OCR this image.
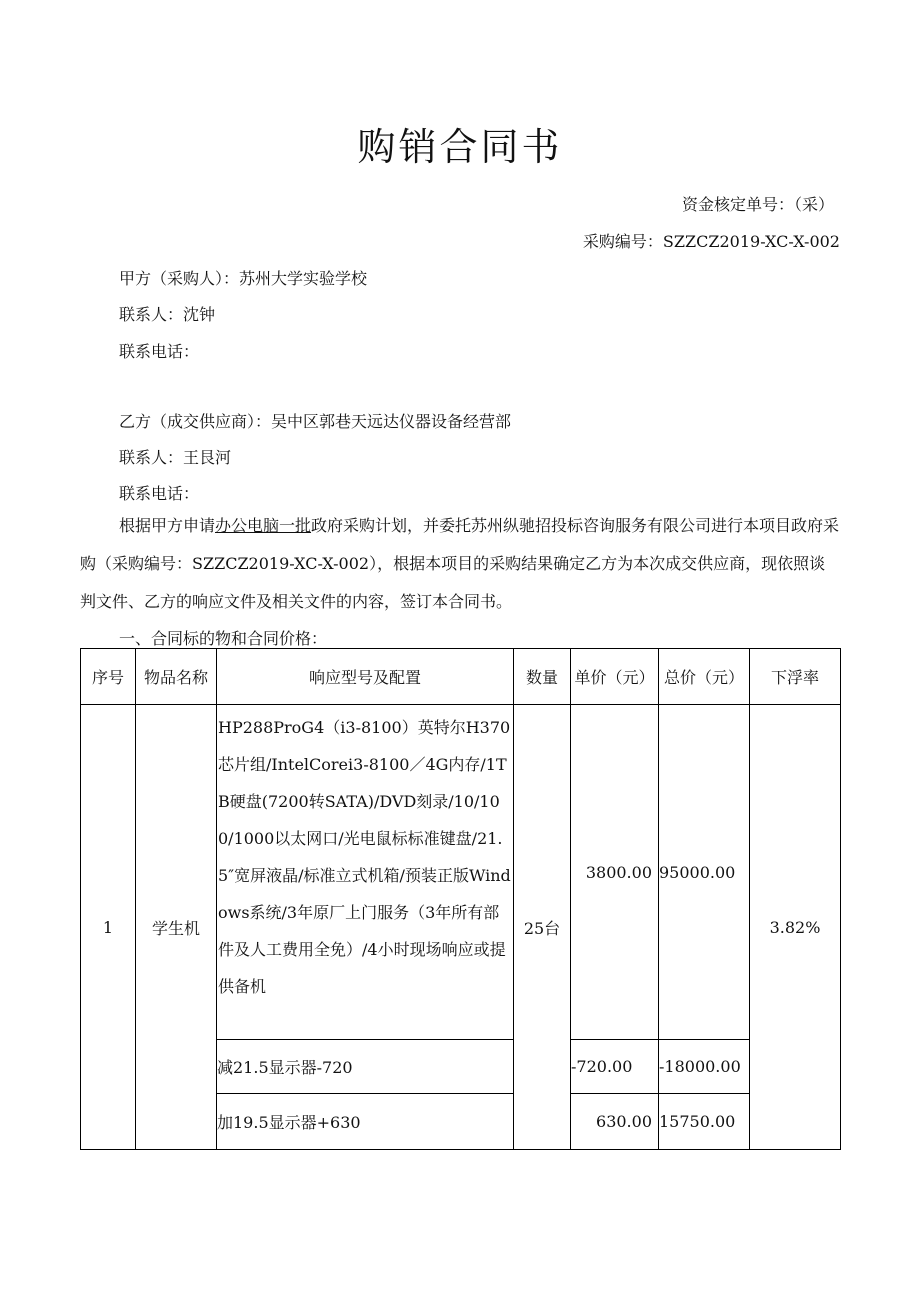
购销合同书
资金核定单号：（采）
采购编号：SZZCZ2019-XC-X-002
甲方（采购人）：苏州大学实验学校
联系人：沈钟
联系电话：
乙方（成交供应商）：吴中区郭巷天远达仪器设备经营部
联系人：王艮河
联系电话：
根据甲方申请办公电脑一批政府采购计划，并委托苏州纵驰招投标咨询服务有限公司进行本项目政府采购（采购编号：SZZCZ2019-XC-X-002），根据本项目的采购结果确定乙方为本次成交供应商，现依照谈判文件、乙方的响应文件及相关文件的内容，签订本合同书。
一、合同标的物和合同价格：
序号	物品名称	响应型号及配置	数量	单价（元）	总价（元）	下浮率
1	学生机	HP288ProG4（i3-8100）英特尔H370芯片组/IntelCorei3-8100／4G内存/1TB硬盘(7200转SATA)/DVD刻录/10/100/1000以太网口/光电鼠标标准键盘/21.5″宽屏液晶/标准立式机箱/预装正版Windows系统/3年原厂上门服务（3年所有部件及人工费用全免）/4小时现场响应或提供备机	25台	3800.00	95000.00	3.82%
		减21.5显示器-720		-720.00	-18000.00	
		加19.5显示器+630		630.00	15750.00	
